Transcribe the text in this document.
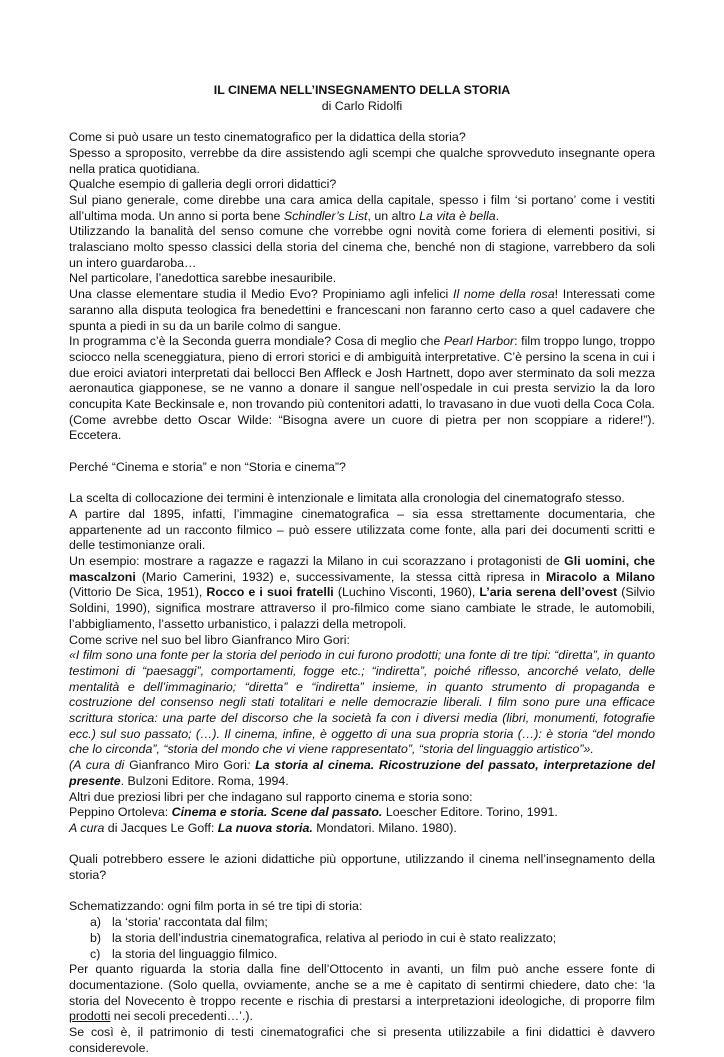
IL CINEMA NELL’INSEGNAMENTO DELLA STORIA

di Carlo Ridolfi

Come si può usare un testo cinematografico per la didattica della storia?

Spesso a sproposito, verrebbe da dire assistendo agli scempi che qualche sprovveduto insegnante opera nella pratica quotidiana.

Qualche esempio di galleria degli orrori didattici?

Sul piano generale, come direbbe una cara amica della capitale, spesso i film ‘si portano’ come i vestiti all’ultima moda. Un anno si porta bene Schindler’s List, un altro La vita è bella.

Utilizzando la banalità del senso comune che vorrebbe ogni novità come foriera di elementi positivi, si tralasciano molto spesso classici della storia del cinema che, benché non di stagione, varrebbero da soli un intero guardaroba…

Nel particolare, l’anedottica sarebbe inesauribile.

Una classe elementare studia il Medio Evo? Propiniamo agli infelici Il nome della rosa! Interessati come saranno alla disputa teologica fra benedettini e francescani non faranno certo caso a quel cadavere che spunta a piedi in su da un barile colmo di sangue.

In programma c’è la Seconda guerra mondiale? Cosa di meglio che Pearl Harbor: film troppo lungo, troppo sciocco nella sceneggiatura, pieno di errori storici e di ambiguità interpretative. C’è persino la scena in cui i due eroici aviatori interpretati dai bellocci Ben Affleck e Josh Hartnett, dopo aver sterminato da soli mezza aeronautica giapponese, se ne vanno a donare il sangue nell’ospedale in cui presta servizio la da loro concupita Kate Beckinsale e, non trovando più contenitori adatti, lo travasano in due vuoti della Coca Cola. (Come avrebbe detto Oscar Wilde: “Bisogna avere un cuore di pietra per non scoppiare a ridere!”). Eccetera.

Perché “Cinema e storia” e non “Storia e cinema”?

La scelta di collocazione dei termini è intenzionale e limitata alla cronologia del cinematografo stesso.

A partire dal 1895, infatti, l’immagine cinematografica – sia essa strettamente documentaria, che appartenente ad un racconto filmico – può essere utilizzata come fonte, alla pari dei documenti scritti e delle testimonianze orali.

Un esempio: mostrare a ragazze e ragazzi la Milano in cui scorazzano i protagonisti de Gli uomini, che mascalzoni (Mario Camerini, 1932) e, successivamente, la stessa città ripresa in Miracolo a Milano (Vittorio De Sica, 1951), Rocco e i suoi fratelli (Luchino Visconti, 1960), L’aria serena dell’ovest (Silvio Soldini, 1990), significa mostrare attraverso il pro-filmico come siano cambiate le strade, le automobili, l’abbigliamento, l’assetto urbanistico, i palazzi della metropoli.

Come scrive nel suo bel libro Gianfranco Miro Gori:

«I film sono una fonte per la storia del periodo in cui furono prodotti; una fonte di tre tipi: “diretta”, in quanto testimoni di “paesaggi”, comportamenti, fogge etc.; “indiretta”, poiché riflesso, ancorché velato, delle mentalità e dell’immaginario; “diretta” e “indiretta” insieme, in quanto strumento di propaganda e costruzione del consenso negli stati totalitari e nelle democrazie liberali. I film sono pure una efficace scrittura storica: una parte del discorso che la società fa con i diversi media (libri, monumenti, fotografie ecc.) sul suo passato; (…). Il cinema, infine, è oggetto di una sua propria storia (…): è storia “del mondo che lo circonda”, “storia del mondo che vi viene rappresentato”, “storia del linguaggio artistico”».

(A cura di Gianfranco Miro Gori: La storia al cinema. Ricostruzione del passato, interpretazione del presente. Bulzoni Editore. Roma, 1994.

Altri due preziosi libri per che indagano sul rapporto cinema e storia sono:

Peppino Ortoleva: Cinema e storia. Scene dal passato. Loescher Editore. Torino, 1991.

A cura di Jacques Le Goff: La nuova storia. Mondatori. Milano. 1980).

Quali potrebbero essere le azioni didattiche più opportune, utilizzando il cinema nell’insegnamento della storia?

Schematizzando: ogni film porta in sé tre tipi di storia:

a) la ‘storia’ raccontata dal film;
b) la storia dell’industria cinematografica, relativa al periodo in cui è stato realizzato;
c) la storia del linguaggio filmico.

Per quanto riguarda la storia dalla fine dell’Ottocento in avanti, un film può anche essere fonte di documentazione. (Solo quella, ovviamente, anche se a me è capitato di sentirmi chiedere, dato che: ‘la storia del Novecento è troppo recente e rischia di prestarsi a interpretazioni ideologiche, di proporre film prodotti nei secoli precedenti…’.).

Se così è, il patrimonio di testi cinematografici che si presenta utilizzabile a fini didattici è davvero considerevole.
